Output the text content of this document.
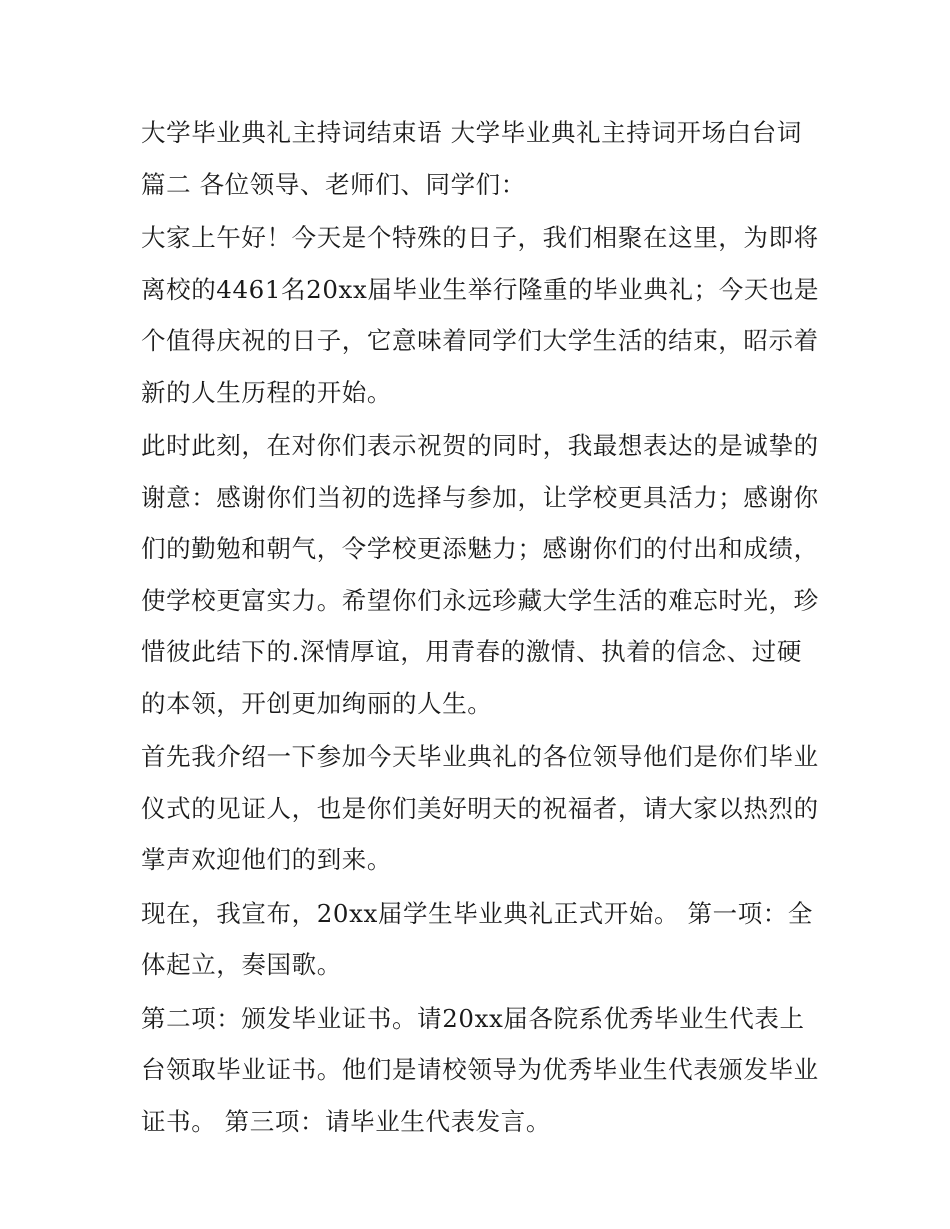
大学毕业典礼主持词结束语 大学毕业典礼主持词开场白台词篇二 各位领导、老师们、同学们：

大家上午好！今天是个特殊的日子，我们相聚在这里，为即将离校的4461名20xx届毕业生举行隆重的毕业典礼；今天也是个值得庆祝的日子，它意味着同学们大学生活的结束，昭示着新的人生历程的开始。

此时此刻，在对你们表示祝贺的同时，我最想表达的是诚挚的谢意：感谢你们当初的选择与参加，让学校更具活力；感谢你们的勤勉和朝气，令学校更添魅力；感谢你们的付出和成绩，使学校更富实力。希望你们永远珍藏大学生活的难忘时光，珍惜彼此结下的.深情厚谊，用青春的激情、执着的信念、过硬的本领，开创更加绚丽的人生。

首先我介绍一下参加今天毕业典礼的各位领导他们是你们毕业仪式的见证人，也是你们美好明天的祝福者，请大家以热烈的掌声欢迎他们的到来。

现在，我宣布，20xx届学生毕业典礼正式开始。 第一项：全体起立，奏国歌。

第二项：颁发毕业证书。请20xx届各院系优秀毕业生代表上台领取毕业证书。他们是请校领导为优秀毕业生代表颁发毕业证书。 第三项：请毕业生代表发言。
